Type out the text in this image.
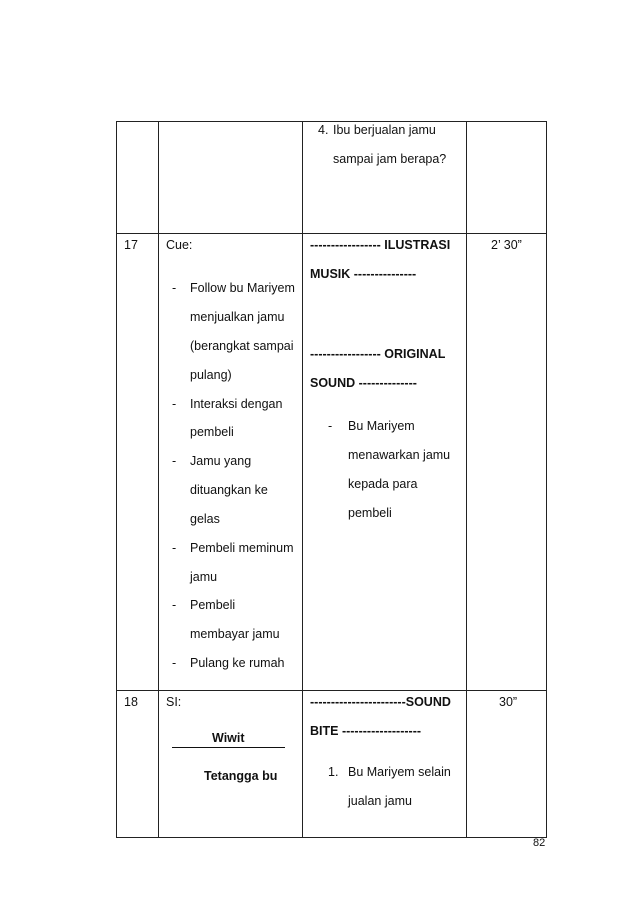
4. Ibu berjualan jamu
sampai jam berapa?
17 Cue:
- Follow bu Mariyem
menjualkan jamu
(berangkat sampai
pulang)
- Interaksi dengan
pembeli
- Jamu yang
dituangkan ke
gelas
- Pembeli meminum
jamu
- Pembeli
membayar jamu
- Pulang ke rumah
----------------- ILUSTRASI
MUSIK ---------------
----------------- ORIGINAL
SOUND --------------
- Bu Mariyem
menawarkan jamu
kepada para
pembeli
2’ 30”
18 SI:
Wiwit
Tetangga bu
-----------------------SOUND
BITE -------------------
1. Bu Mariyem selain
jualan jamu
30”
82
